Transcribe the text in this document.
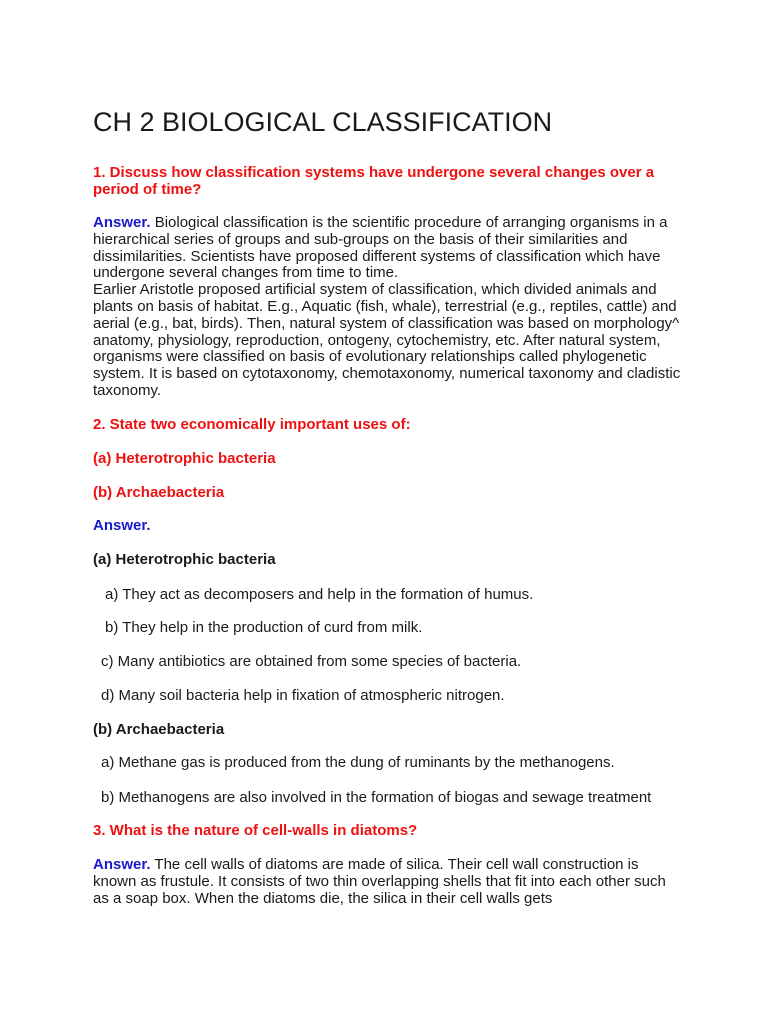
CH 2 BIOLOGICAL CLASSIFICATION
1. Discuss how classification systems have undergone several changes over a period of time?
Answer. Biological classification is the scientific procedure of arranging organisms in a hierarchical series of groups and sub-groups on the basis of their similarities and dissimilarities. Scientists have proposed different systems of classification which have undergone several changes from time to time.
Earlier Aristotle proposed artificial system of classification, which divided animals and plants on basis of habitat. E.g., Aquatic (fish, whale), terrestrial (e.g., reptiles, cattle) and aerial (e.g., bat, birds). Then, natural system of classification was based on morphology^ anatomy, physiology, reproduction, ontogeny, cytochemistry, etc. After natural system, organisms were classified on basis of evolutionary relationships called phylogenetic system. It is based on cytotaxonomy, chemotaxonomy, numerical taxonomy and cladistic taxonomy.
2. State two economically important uses of:
(a) Heterotrophic bacteria
(b) Archaebacteria
Answer.
(a) Heterotrophic bacteria
a) They act as decomposers and help in the formation of humus.
b) They help in the production of curd from milk.
c) Many antibiotics are obtained from some species of bacteria.
d) Many soil bacteria help in fixation of atmospheric nitrogen.
(b) Archaebacteria
a) Methane gas is produced from the dung of ruminants by the methanogens.
b) Methanogens are also involved in the formation of biogas and sewage treatment
3. What is the nature of cell-walls in diatoms?
Answer. The cell walls of diatoms are made of silica. Their cell wall construction is known as frustule. It consists of two thin overlapping shells that fit into each other such as a soap box. When the diatoms die, the silica in their cell walls gets
